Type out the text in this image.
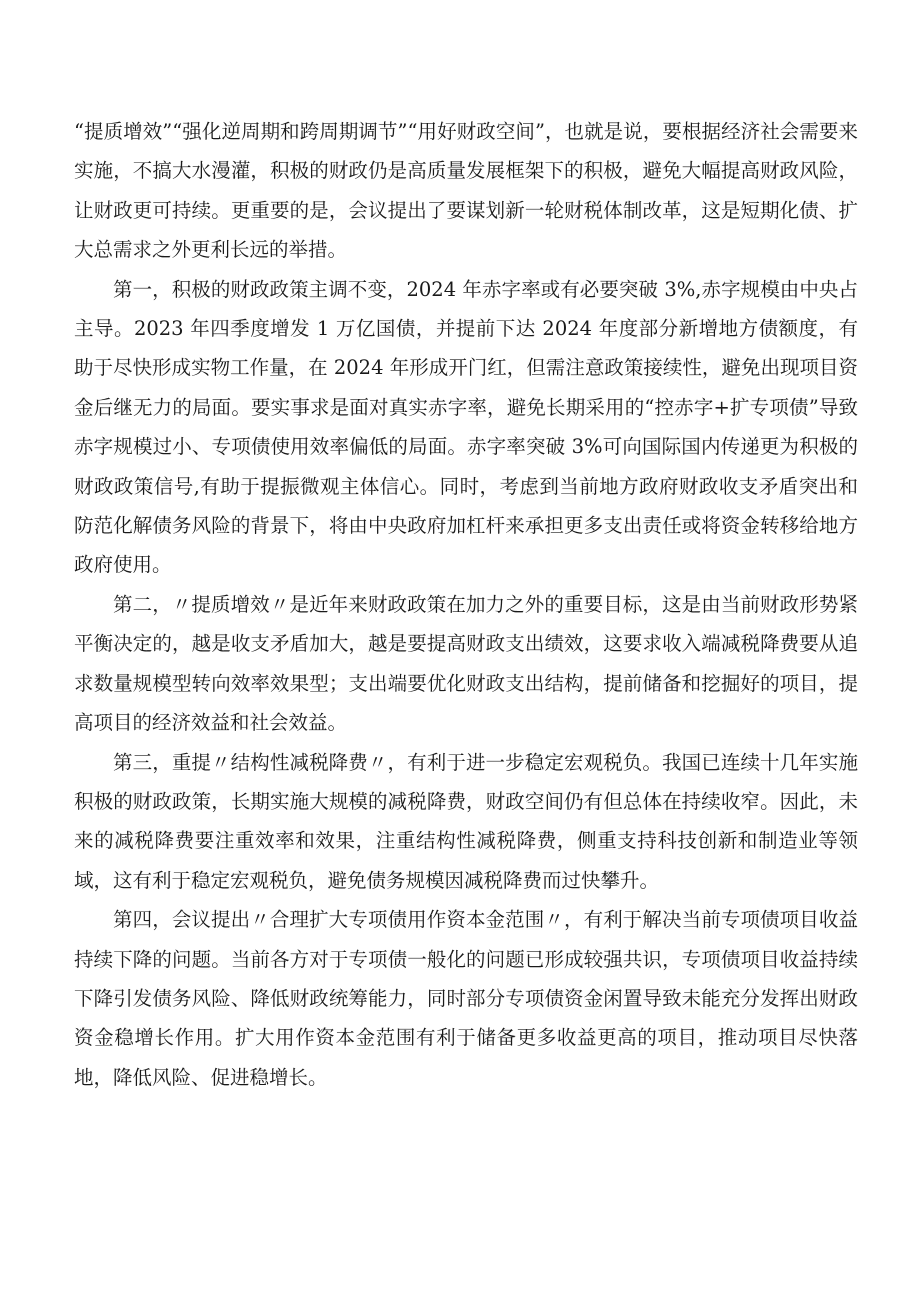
“提质增效”“强化逆周期和跨周期调节”“用好财政空间”，也就是说，要根据经济社会需要来实施，不搞大水漫灌，积极的财政仍是高质量发展框架下的积极，避免大幅提高财政风险，让财政更可持续。更重要的是，会议提出了要谋划新一轮财税体制改革，这是短期化债、扩大总需求之外更利长远的举措。

第一，积极的财政政策主调不变，2024 年赤字率或有必要突破 3%,赤字规模由中央占主导。2023 年四季度增发 1 万亿国债，并提前下达 2024 年度部分新增地方债额度，有助于尽快形成实物工作量，在 2024 年形成开门红，但需注意政策接续性，避免出现项目资金后继无力的局面。要实事求是面对真实赤字率，避免长期采用的“控赤字+扩专项债”导致赤字规模过小、专项债使用效率偏低的局面。赤字率突破 3%可向国际国内传递更为积极的财政政策信号,有助于提振微观主体信心。同时，考虑到当前地方政府财政收支矛盾突出和防范化解债务风险的背景下，将由中央政府加杠杆来承担更多支出责任或将资金转移给地方政府使用。

第二，〃提质增效〃是近年来财政政策在加力之外的重要目标，这是由当前财政形势紧平衡决定的，越是收支矛盾加大，越是要提高财政支出绩效，这要求收入端减税降费要从追求数量规模型转向效率效果型；支出端要优化财政支出结构，提前储备和挖掘好的项目，提高项目的经济效益和社会效益。

第三，重提〃结构性减税降费〃，有利于进一步稳定宏观税负。我国已连续十几年实施积极的财政政策，长期实施大规模的减税降费，财政空间仍有但总体在持续收窄。因此，未来的减税降费要注重效率和效果，注重结构性减税降费，侧重支持科技创新和制造业等领域，这有利于稳定宏观税负，避免债务规模因减税降费而过快攀升。

第四，会议提出〃合理扩大专项债用作资本金范围〃，有利于解决当前专项债项目收益持续下降的问题。当前各方对于专项债一般化的问题已形成较强共识，专项债项目收益持续下降引发债务风险、降低财政统筹能力，同时部分专项债资金闲置导致未能充分发挥出财政资金稳增长作用。扩大用作资本金范围有利于储备更多收益更高的项目，推动项目尽快落地，降低风险、促进稳增长。
